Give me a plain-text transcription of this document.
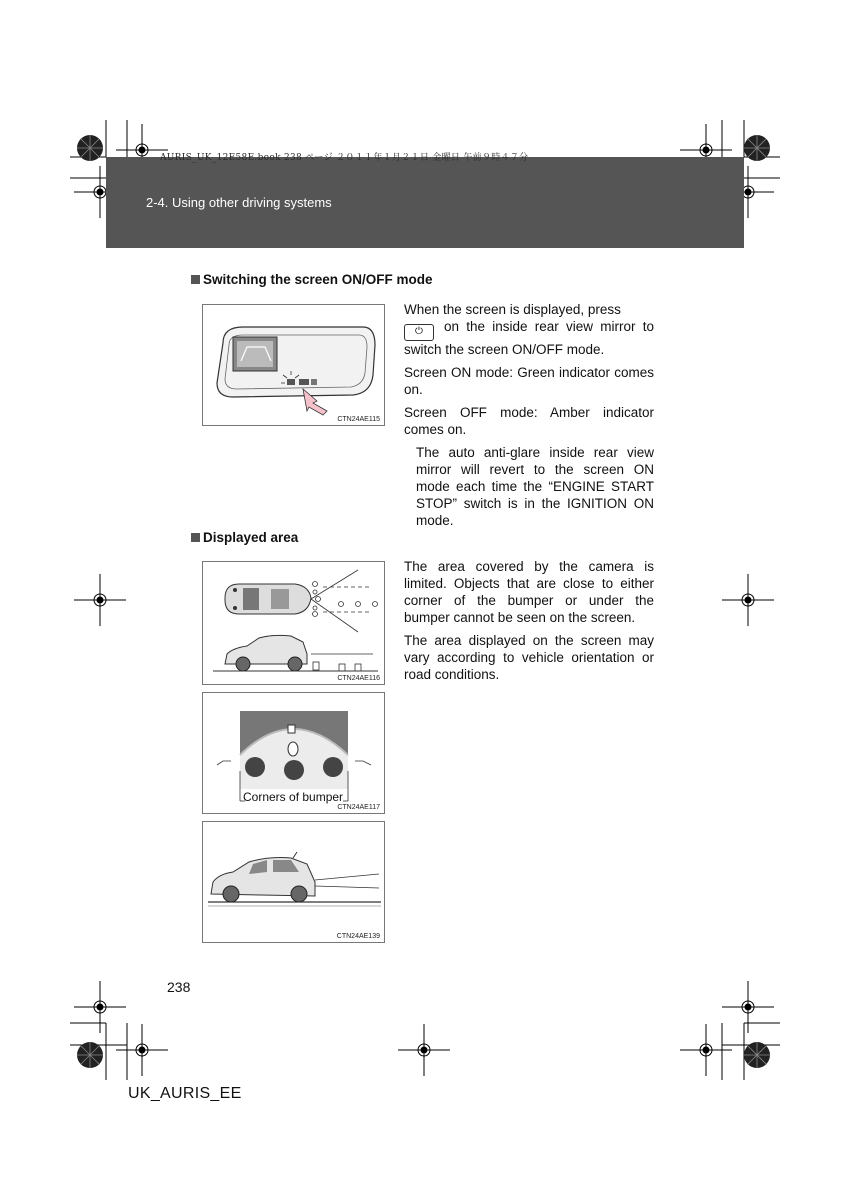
AURIS_UK_12E58E.book 238 ページ ２０１１年１月２１日 金曜日 午前９時４７分
2-4. Using other driving systems
Switching the screen ON/OFF mode
CTN24AE115

When the screen is displayed, press
⏻ on the inside rear view mirror to switch the screen ON/OFF mode.

Screen ON mode: Green indicator comes on.

Screen OFF mode: Amber indicator comes on.

The auto anti-glare inside rear view mirror will revert to the screen ON mode each time the “ENGINE START STOP” switch is in the IGNITION ON mode.

Displayed area
CTN24AE116
Corners of bumper
CTN24AE117
CTN24AE139

The area covered by the camera is limited. Objects that are close to either corner of the bumper or under the bumper cannot be seen on the screen.

The area displayed on the screen may vary according to vehicle orientation or road conditions.

238
UK_AURIS_EE
